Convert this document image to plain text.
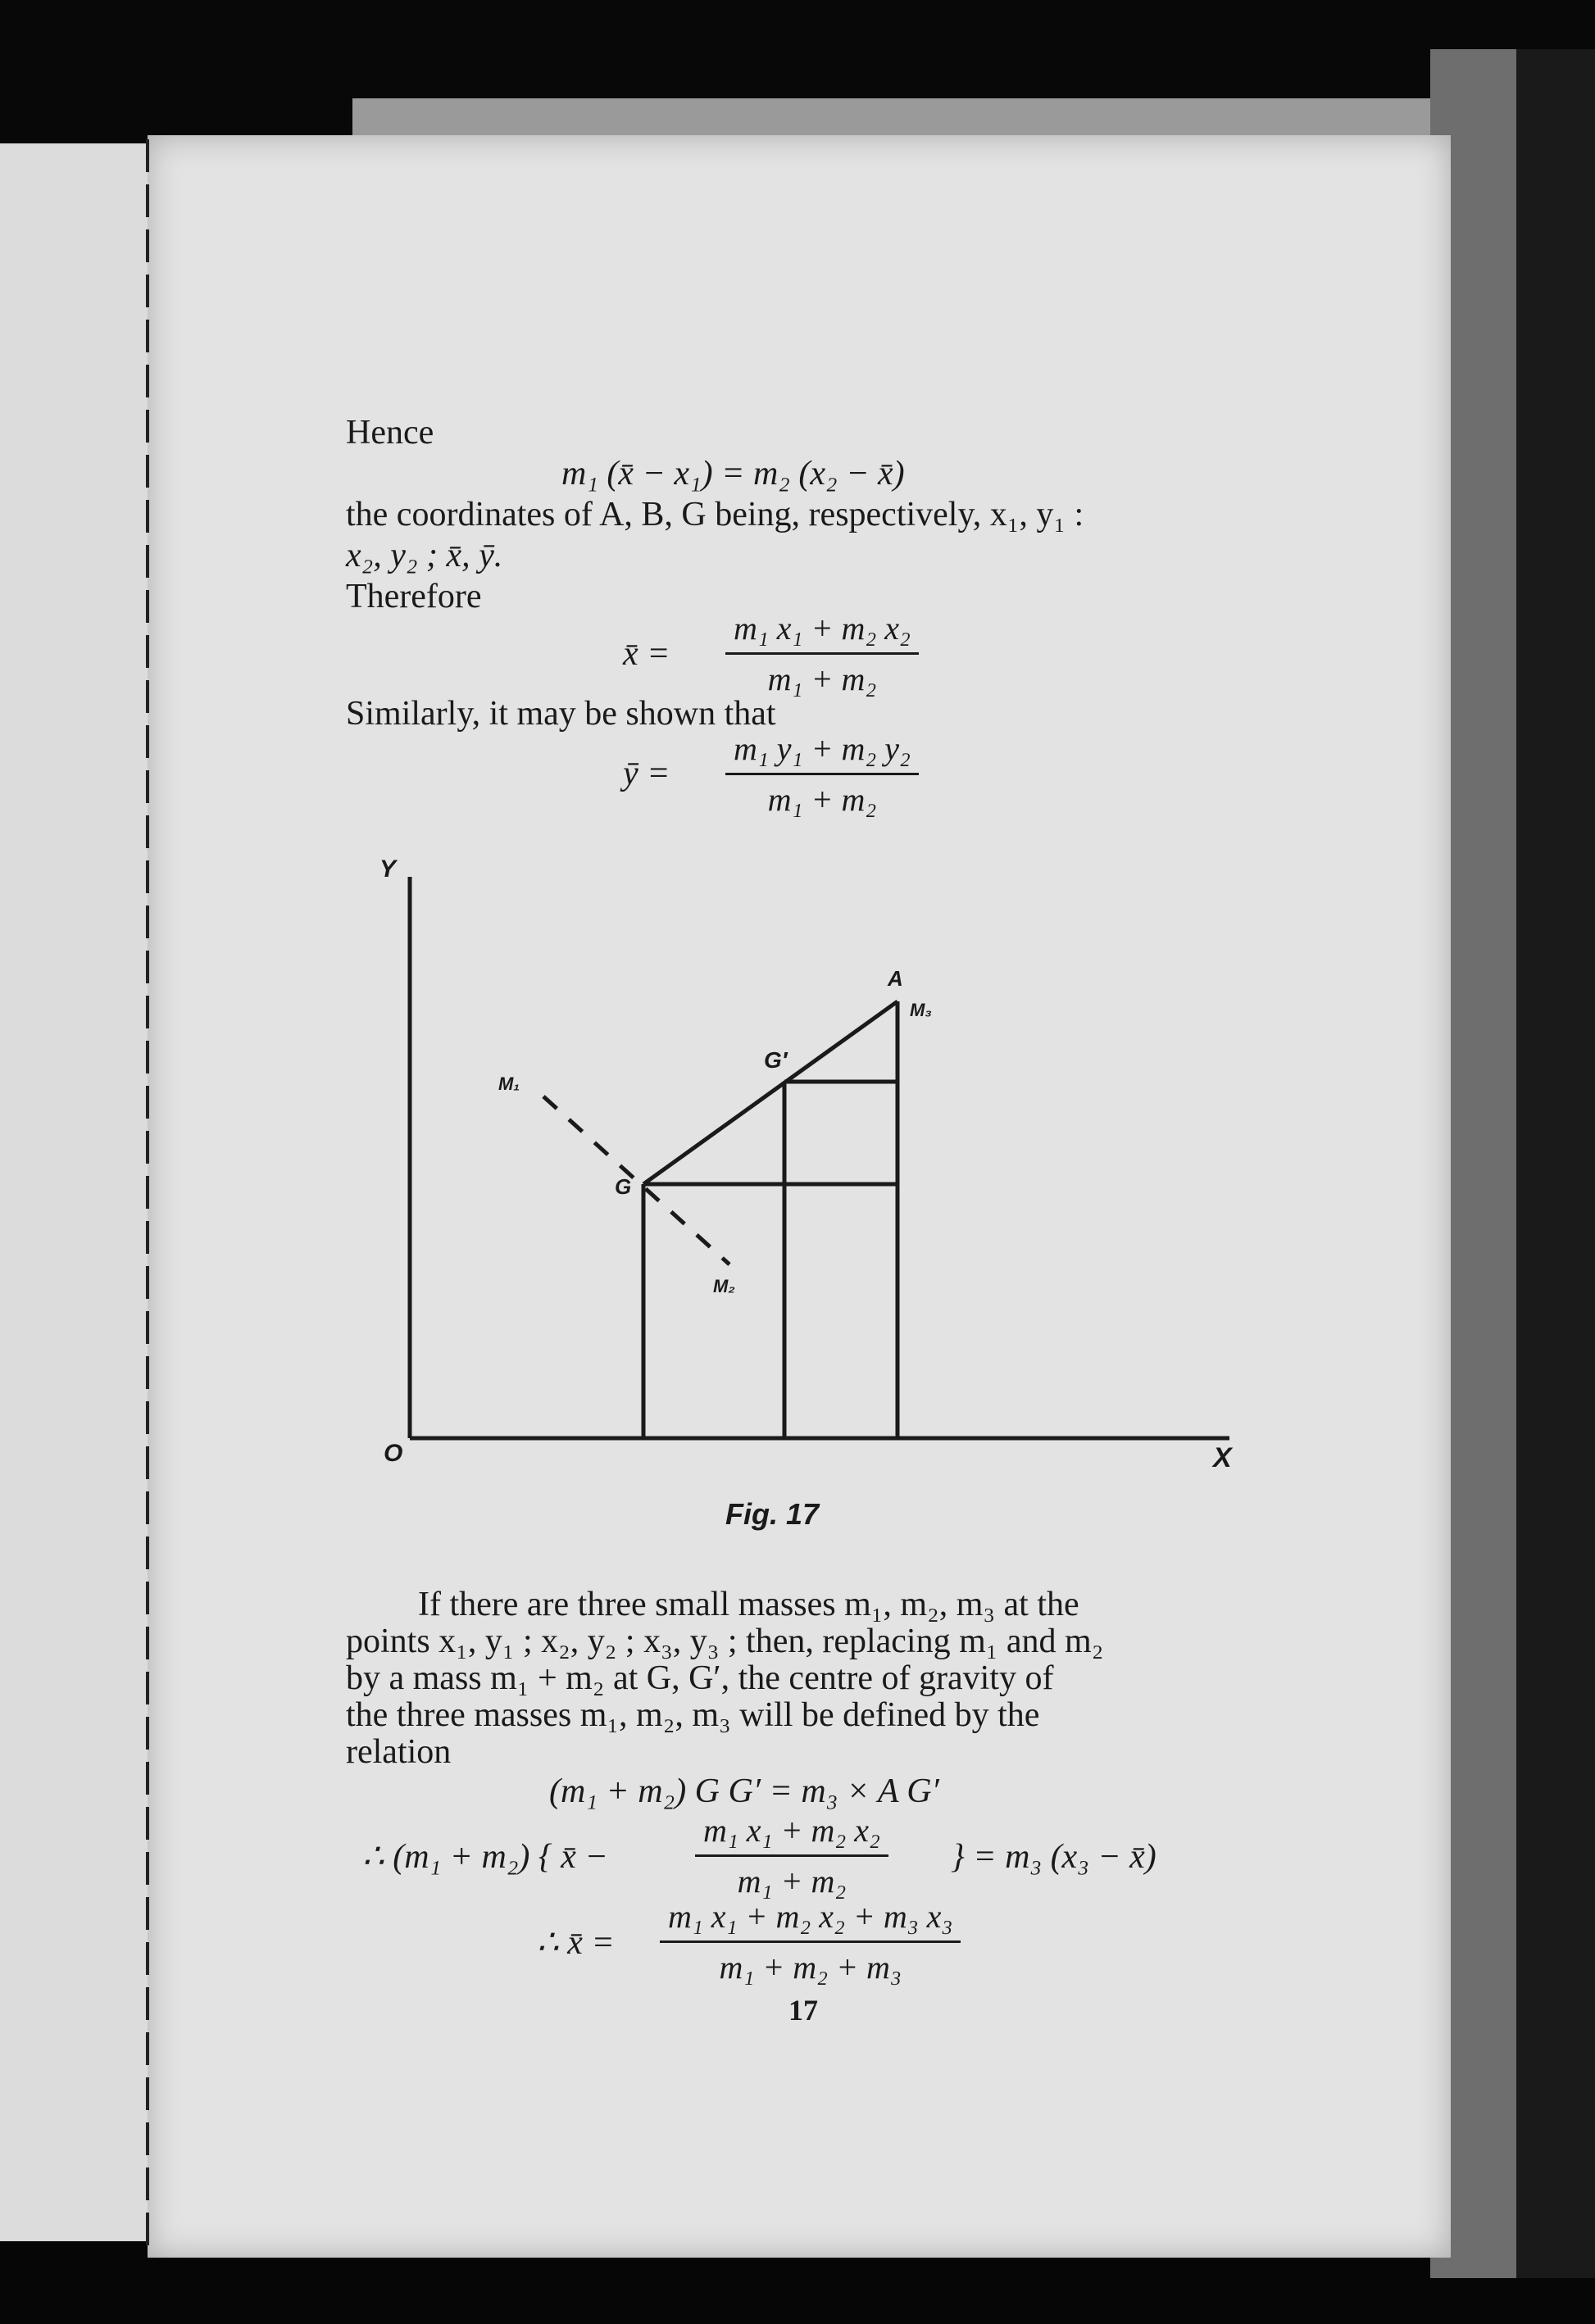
Hence
m₁ (x̄ − x₁) = m₂ (x₂ − x̄)
the coordinates of A, B, G being, respectively, x₁, y₁ :
x₂, y₂ ; x̄, ȳ.
Therefore
x̄ =
m₁ x₁ + m₂ x₂
m₁ + m₂
Similarly, it may be shown that
ȳ =
m₁ y₁ + m₂ y₂
m₁ + m₂
Y
X
O
A
M₃
G′
G
M₁
M₂
Fig. 17
If there are three small masses m₁, m₂, m₃ at the
points x₁, y₁ ; x₂, y₂ ; x₃, y₃ ; then, replacing m₁ and m₂
by a mass m₁ + m₂ at G, G′, the centre of gravity of
the three masses m₁, m₂, m₃ will be defined by the
relation
(m₁ + m₂) G G′ = m₃ × A G′
∴ (m₁ + m₂) { x̄ −
m₁ x₁ + m₂ x₂
m₁ + m₂
} = m₃ (x₃ − x̄)
∴ x̄ =
m₁ x₁ + m₂ x₂ + m₃ x₃
m₁ + m₂ + m₃
17
